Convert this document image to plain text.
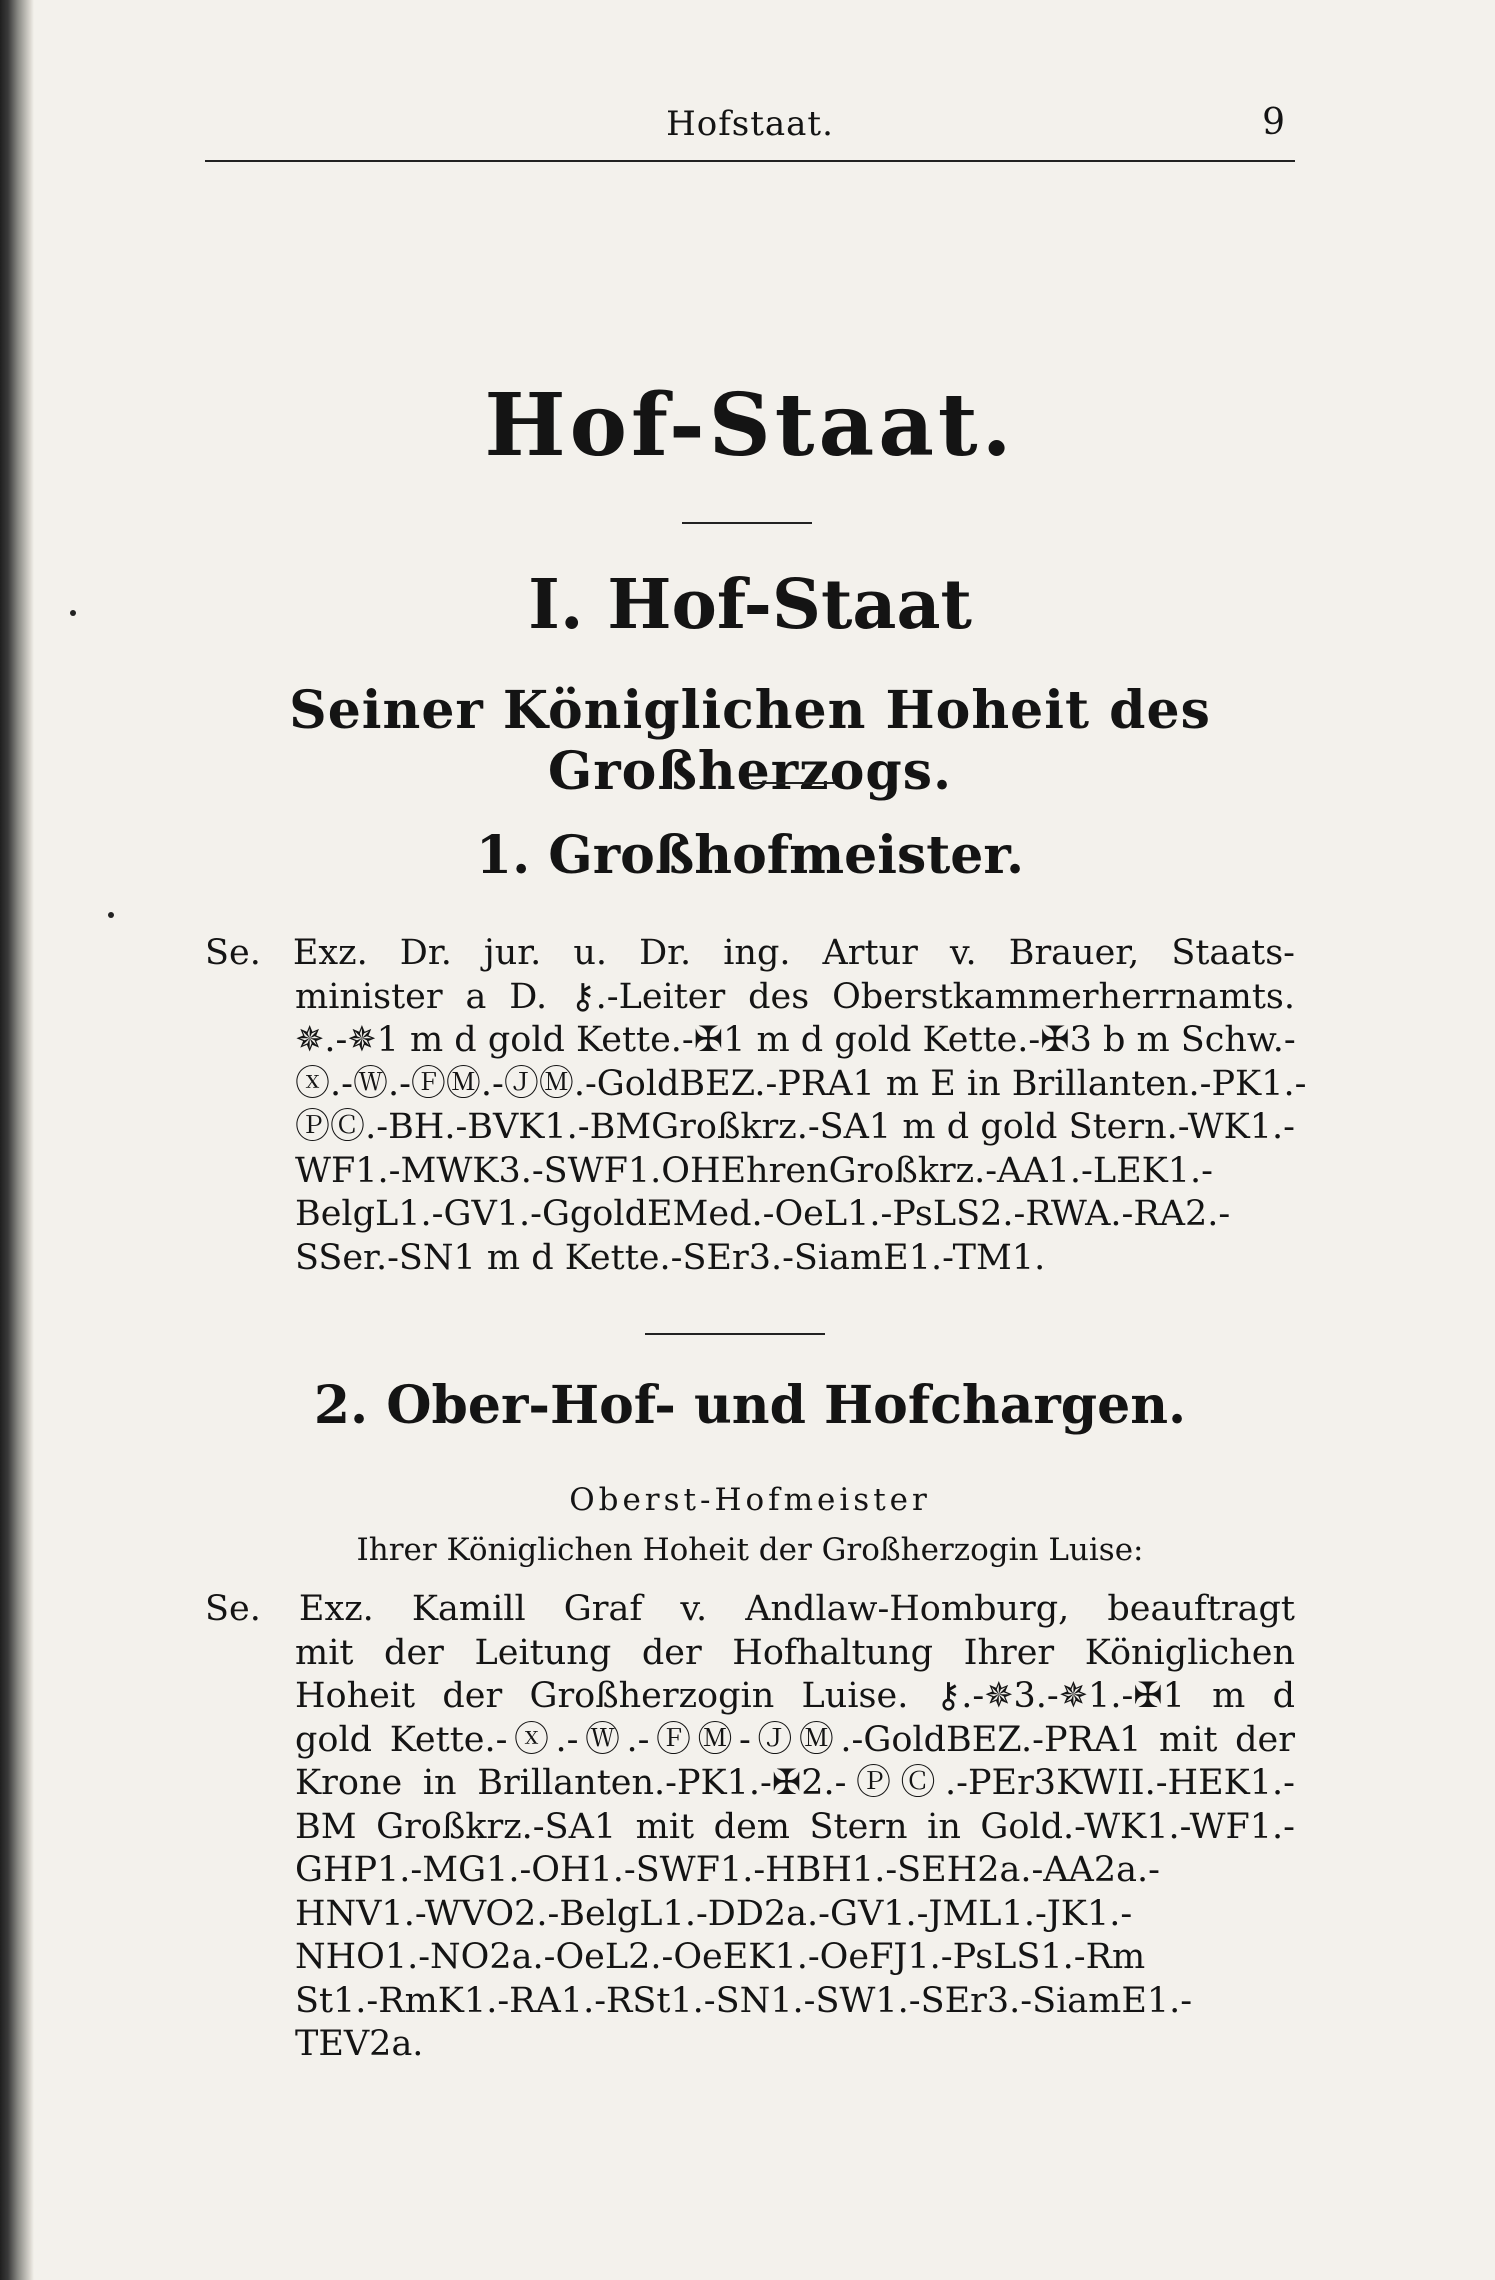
Hofstaat.	9
Hof-Staat.
I. Hof-Staat
Seiner Königlichen Hoheit des Großherzogs.
1. Großhofmeister.
Se. Exz. Dr. jur. u. Dr. ing. Artur v. Brauer, Staats-
minister a D. ⚷.-Leiter des Oberstkammerherrnamts.
✵.-✵1 m d gold Kette.-✠1 m d gold Kette.-✠3 b m Schw.-
ⓧ.-Ⓦ.-ⒻⓂ.-ⒿⓂ.-GoldBEZ.-PRA1 m E in Brillanten.-PK1.-
ⓅⒸ.-BH.-BVK1.-BMGroßkrz.-SA1 m d gold Stern.-WK1.-
WF1.-MWK3.-SWF1.OHEhrenGroßkrz.-AA1.-LEK1.-
BelgL1.-GV1.-GgoldEMed.-OeL1.-PsLS2.-RWA.-RA2.-
SSer.-SN1 m d Kette.-SEr3.-SiamE1.-TM1.
2. Ober-Hof- und Hofchargen.
Oberst-Hofmeister
Ihrer Königlichen Hoheit der Großherzogin Luise:
Se. Exz. Kamill Graf v. Andlaw-Homburg, beauftragt
mit der Leitung der Hofhaltung Ihrer Königlichen
Hoheit der Großherzogin Luise. ⚷.-✵3.-✵1.-✠1 m d
gold Kette.-ⓧ.-Ⓦ.-ⒻⓂ-ⒿⓂ.-GoldBEZ.-PRA1 mit der
Krone in Brillanten.-PK1.-✠2.-ⓅⒸ.-PEr3KWII.-HEK1.-
BM Großkrz.-SA1 mit dem Stern in Gold.-WK1.-WF1.-
GHP1.-MG1.-OH1.-SWF1.-HBH1.-SEH2a.-AA2a.-
HNV1.-WVO2.-BelgL1.-DD2a.-GV1.-JML1.-JK1.-
NHO1.-NO2a.-OeL2.-OeEK1.-OeFJ1.-PsLS1.-Rm
St1.-RmK1.-RA1.-RSt1.-SN1.-SW1.-SEr3.-SiamE1.-
TEV2a.
